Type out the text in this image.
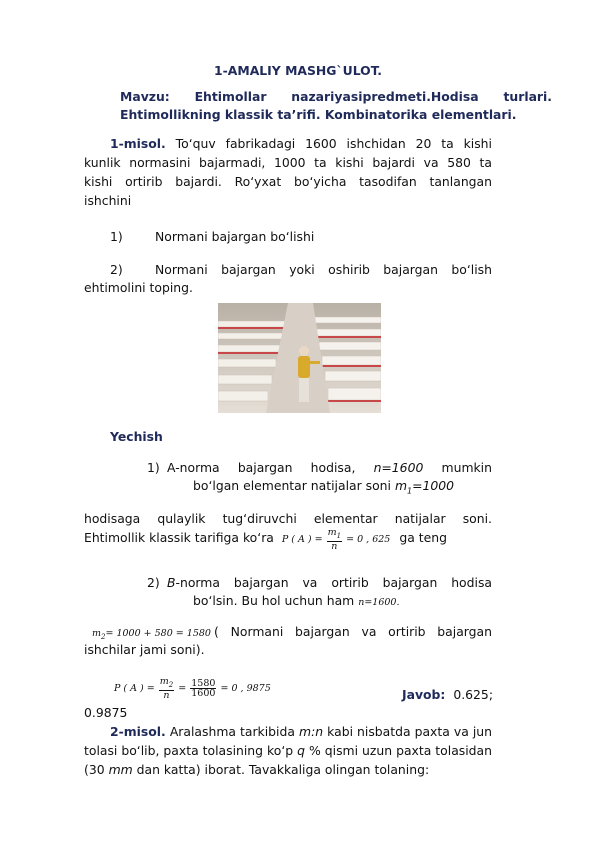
1-AMALIY MASHG`ULOT.
Mavzu: Ehtimollar nazariyasipredmeti.Hodisa turlari.
Ehtimollikning klassik ta’rifi. Kombinatorika elementlari.
1-misol. To‘quv fabrikadagi 1600 ishchidan 20 ta kishi
kunlik normasini bajarmadi, 1000 ta kishi bajardi va 580 ta
kishi ortirib bajardi. Ro‘yxat bo‘yicha tasodifan tanlangan
ishchini
1)	Normani bajargan bo‘lishi
2)	Normani bajargan yoki oshirib bajargan bo‘lish
ehtimolini toping.
Yechish
1) A-norma bajargan hodisa, n=1600 mumkin
bo‘lgan elementar natijalar soni $m_1=1000$
hodisaga qulaylik tug‘diruvchi elementar natijalar soni.
Ehtimollik klassik tarifiga ko‘ra P ( A ) = $\frac{m_1}{n} = 0$ , 625 ga teng
2) B-norma bajargan va ortirib bajargan hodisa
bo‘lsin. Bu hol uchun ham n=1600.
$m_2= 1000 + 580 = 1580$ ( Normani bajargan va ortirib bajargan
ishchilar jami soni).
P ( A ) = $\frac{m_2}{n} = \frac{1580}{1600} = 0$ , 9875	Javob: 0.625;
0.9875
2-misol. Aralashma tarkibida m:n kabi nisbatda paxta va jun
tolasi bo‘lib, paxta tolasining ko‘p q % qismi uzun paxta tolasidan
(30 mm dan katta) iborat. Tavakkaliga olingan tolaning:
